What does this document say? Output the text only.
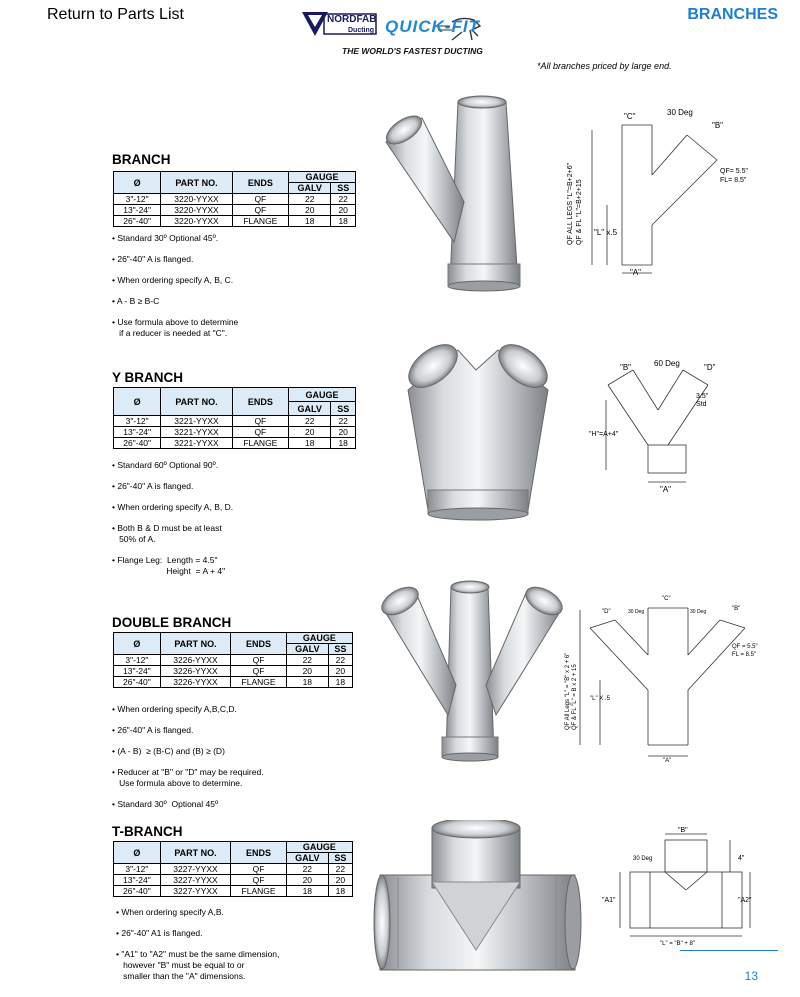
Return to Parts List	BRANCHES
NORDFAB
Ducting QUICK-FIT
THE WORLD'S FASTEST DUCTING
*All branches priced by large end.
BRANCH
Ø	PART NO.	ENDS	GAUGE	
			GALV	SS
3"-12"	3220-YYXX	QF	22	22
13"-24"	3220-YYXX	QF	20	20
26"-40"	3220-YYXX	FLANGE	18	18
• Standard 30º Optional 45º.
• 26"-40" A is flanged.
• When ordering specify A, B, C.
• A - B ≥ B-C
• Use formula above to determine
if a reducer is needed at "C".
"C"	30 Deg
"B"
QF= 5.5"
FL= 8.5"
QF ALL LEGS "L"=B+2+6" QF & FL "L"=B+2+15 "L" x.5
"A"
Y BRANCH
Ø	PART NO.	ENDS	GAUGE	
			GALV	SS
3"-12"	3221-YYXX	QF	22	22
13"-24"	3221-YYXX	QF	20	20
26"-40"	3221-YYXX	FLANGE	18	18
• Standard 60º Optional 90º.
• 26"-40" A is flanged.
• When ordering specify A, B, D.
• Both B & D must be at least
50% of A.
• Flange Leg:  Length = 4.5"
Height  = A + 4"
"B"	60 Deg	"D"
3.5"
Std
"H"=A+4"
"A"
DOUBLE BRANCH
Ø	PART NO.	ENDS	GAUGE	
			GALV	SS
3"-12"	3226-YYXX	QF	22	22
13"-24"	3226-YYXX	QF	20	20
26"-40"	3226-YYXX	FLANGE	18	18
• When ordering specify A,B,C,D.
• 26"-40" A is flanged.
• (A - B)  ≥ (B-C) and (B) ≥ (D)
• Reducer at "B" or "D" may be required.
Use formula above to determine.
• Standard 30º  Optional 45º
"C"
"D"	30 Deg	30 Deg	"B"
QF = 5.5"
FL = 8.5"
QF All Legs "L" = "B" x 2 + 6" QF & FL "L" = B x 2 + 15 "L" X .5
"A"
T-BRANCH
Ø	PART NO.	ENDS	GAUGE	
			GALV	SS
3"-12"	3227-YYXX	QF	22	22
13"-24"	3227-YYXX	QF	20	20
26"-40"	3227-YYXX	FLANGE	18	18
• When ordering specify A,B.
• 26"-40" A1 is flanged.
• "A1" to "A2" must be the same dimension,
however "B" must be equal to or
smaller than the "A" dimensions.
"B"
30 Deg	4"
"A1"	"A2"
"L" = "B" + 8"
13
